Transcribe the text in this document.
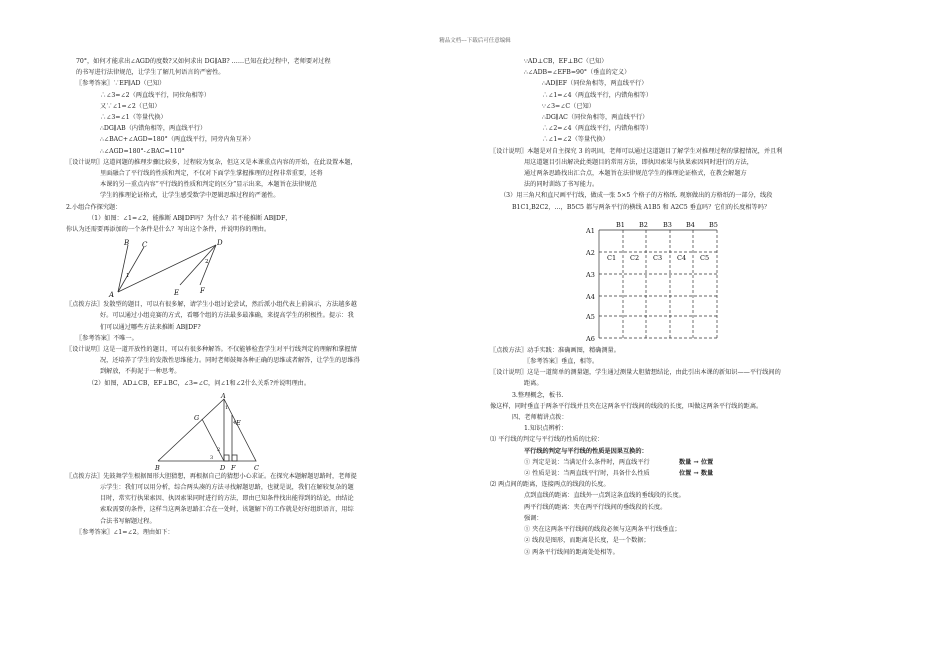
精品文档---下载后可任意编辑
70°，如何才能求出∠AGD的度数?又如何求出 DG∥AB? ……已知在此过程中，老师要对过程
的书写进行法律规范，让学生了解几何语言的严密性。
〖参考答案〗∵EF∥AD（已知）
∴∠3=∠2（两直线平行，同位角相等）
又∵∠1=∠2（已知）
∴∠3=∠1（等量代换）
∴DG∥AB（内错角相等，两直线平行）
∴∠BAC+∠AGD=180°（两直线平行，同旁内角互补）
∴∠AGD=180°-∠BAC=110°
〖设计说明〗这道问题的推理步骤比较多，过程较为复杂，但这又是本课重点内容的开始，在此设置本题，
里面融合了平行线的性质和判定，不仅对下面学生掌握推理的过程非常重要，还将
本课的另一重点内容“平行线的性质和判定的区分”显示出来，本题旨在法律规范
学生的推理论证格式，让学生感受数学中逻辑思维过程的严谨性。
2.小组合作探究题：
（1）如图：∠1=∠2，能推断 AB∥DF吗？为什么？若不能推断 AB∥DF，
你认为还需要再添加的一个条件是什么？写出这个条件，并说明你的理由。
B C	D
A	E	F
1
2
〖点拨方法〗发散型的题目，可以有很多解，请学生小组讨论尝试，然后派小组代表上前演示，方法越多越
好。可以通过小组竞赛的方式，看哪个组的方法最多最准确，来提高学生的积极性。提示：我
们可以通过哪些方法来推断 AB∥DF?
〖参考答案〗不唯一。
〖设计说明〗这是一道开放性的题目，可以有很多种解答。不仅能够检查学生对平行线判定的理解和掌握情
况，还培养了学生的发散性思维能力。同时老师鼓舞各种正确的思维或者解答，让学生的思维得
到解放，不拘泥于一种思考。
（2）如图，AD⊥CB，EF⊥BC，∠3=∠C，问∠1和∠2什么关系?并说明理由。
A
G
B	D F	C
E
1
4
2
3
〖点拨方法〗先鼓舞学生根据图形大胆猜想，再根据自己的猜想小心求证。在探究本题解题思路时，老师提
示学生：我们可以用分析，综合两头凑的方法寻找解题思路，也就是说，我们在解较复杂的题
目时，常实行执果索因、执因索果同时进行的方法，即由已知条件找出能得到的结论，由结论
索取需要的条件，这样当这两条思路汇合在一处时，该题解下的工作就是好好组织语言，用综
合法书写解题过程。
〖参考答案〗∠1=∠2。理由如下：
∵AD⊥CB，EF⊥BC（已知）
∴∠ADB=∠EFB=90°（垂直的定义）
∴AD∥EF（同位角相等，两直线平行）
∴∠1=∠4（两直线平行，内错角相等）
∵∠3=∠C（已知）
∴DG∥AC（同位角相等，两直线平行）
∴∠2=∠4（两直线平行，内错角相等）
∴∠1=∠2（等量代换）
〖设计说明〗本题是对自主探究 3 的巩固，老师可以通过这道题目了解学生对推理过程的掌握情况，并且利
用这道题目引出解决此类题目的常用方法，即执因索果与执果索因同时进行的方法，
通过两条思路找出汇合点，本题旨在法律规范学生的推理论证格式，在教会解题方
法的同时训练了书写能力。
（3）用三角尺和直尺画平行线，做成一张 5×5 个格子的方格纸. 观察做出的方格纸的一部分，线段
B1C1,B2C2，…，B5C5 都与两条平行的横线 A1B5 和 A2C5 垂直吗？它们的长度相等吗？
B1 B2 B3 B4 B5
C1 C2 C3 C4 C5
A1
A2
A3
A4
A5
A6
〖点拨方法〗动手实践：准确画图，精确测量。
〖参考答案〗垂直，相等。
〖设计说明〗这是一道简单的测量题，学生通过测量大胆猜想结论，由此引出本课的新知识——平行线间的
距离。
3.整理概念，板书.
像这样，同时垂直于两条平行线并且夹在这两条平行线间的线段的长度，叫做这两条平行线的距离。
四、老师精讲点拨：
1.知识点辨析：
⑴ 平行线的判定与平行线的性质的比较：
平行线的判定与平行线的性质是因果互换的：
① 判定是说：当满足什么条件时，两直线平行	数量 → 位置
② 性质是说：当两直线平行时，具备什么性质	位置 → 数量
⑵ 两点间的距离，连接两点的线段的长度。
点到直线的距离：直线外一点到这条直线的垂线段的长度。
两平行线的距离：夹在两平行线间的垂线段的长度。
强调：
① 夹在这两条平行线间的线段必须与这两条平行线垂直；
② 线段是图形，而距离是长度，是一个数据；
③ 两条平行线间的距离处处相等。
